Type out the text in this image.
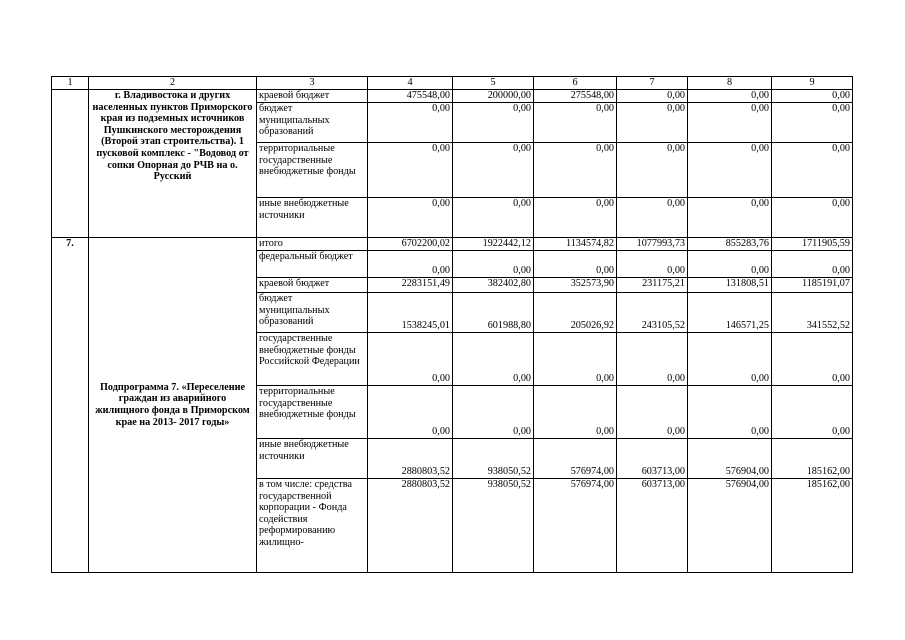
1	2	3	4	5	6	7	8	9
	г. Владивостока и других населенных пунктов Приморского края из подземных источников Пушкинского месторождения (Второй этап строительства). 1 пусковой комплекс - "Водовод от сопки Опорная до РЧВ на о. Русский	краевой бюджет	475548,00	200000,00	275548,00	0,00	0,00	0,00
		бюджет муниципальных образований	0,00	0,00	0,00	0,00	0,00	0,00
		территориальные государственные внебюджетные фонды	0,00	0,00	0,00	0,00	0,00	0,00
		иные внебюджетные источники	0,00	0,00	0,00	0,00	0,00	0,00
7.	Подпрограмма 7. «Переселение граждан из аварийного жилищного фонда в Приморском крае на 2013- 2017 годы»	итого	6702200,02	1922442,12	1134574,82	1077993,73	855283,76	1711905,59
		федеральный бюджет	0,00	0,00	0,00	0,00	0,00	0,00
		краевой бюджет	2283151,49	382402,80	352573,90	231175,21	131808,51	1185191,07
		бюджет муниципальных образований	1538245,01	601988,80	205026,92	243105,52	146571,25	341552,52
		государственные внебюджетные фонды Российской Федерации	0,00	0,00	0,00	0,00	0,00	0,00
		территориальные государственные внебюджетные фонды	0,00	0,00	0,00	0,00	0,00	0,00
		иные внебюджетные источники	2880803,52	938050,52	576974,00	603713,00	576904,00	185162,00
		в том числе: средства государственной корпорации - Фонда содействия реформированию жилищно-	2880803,52	938050,52	576974,00	603713,00	576904,00	185162,00
